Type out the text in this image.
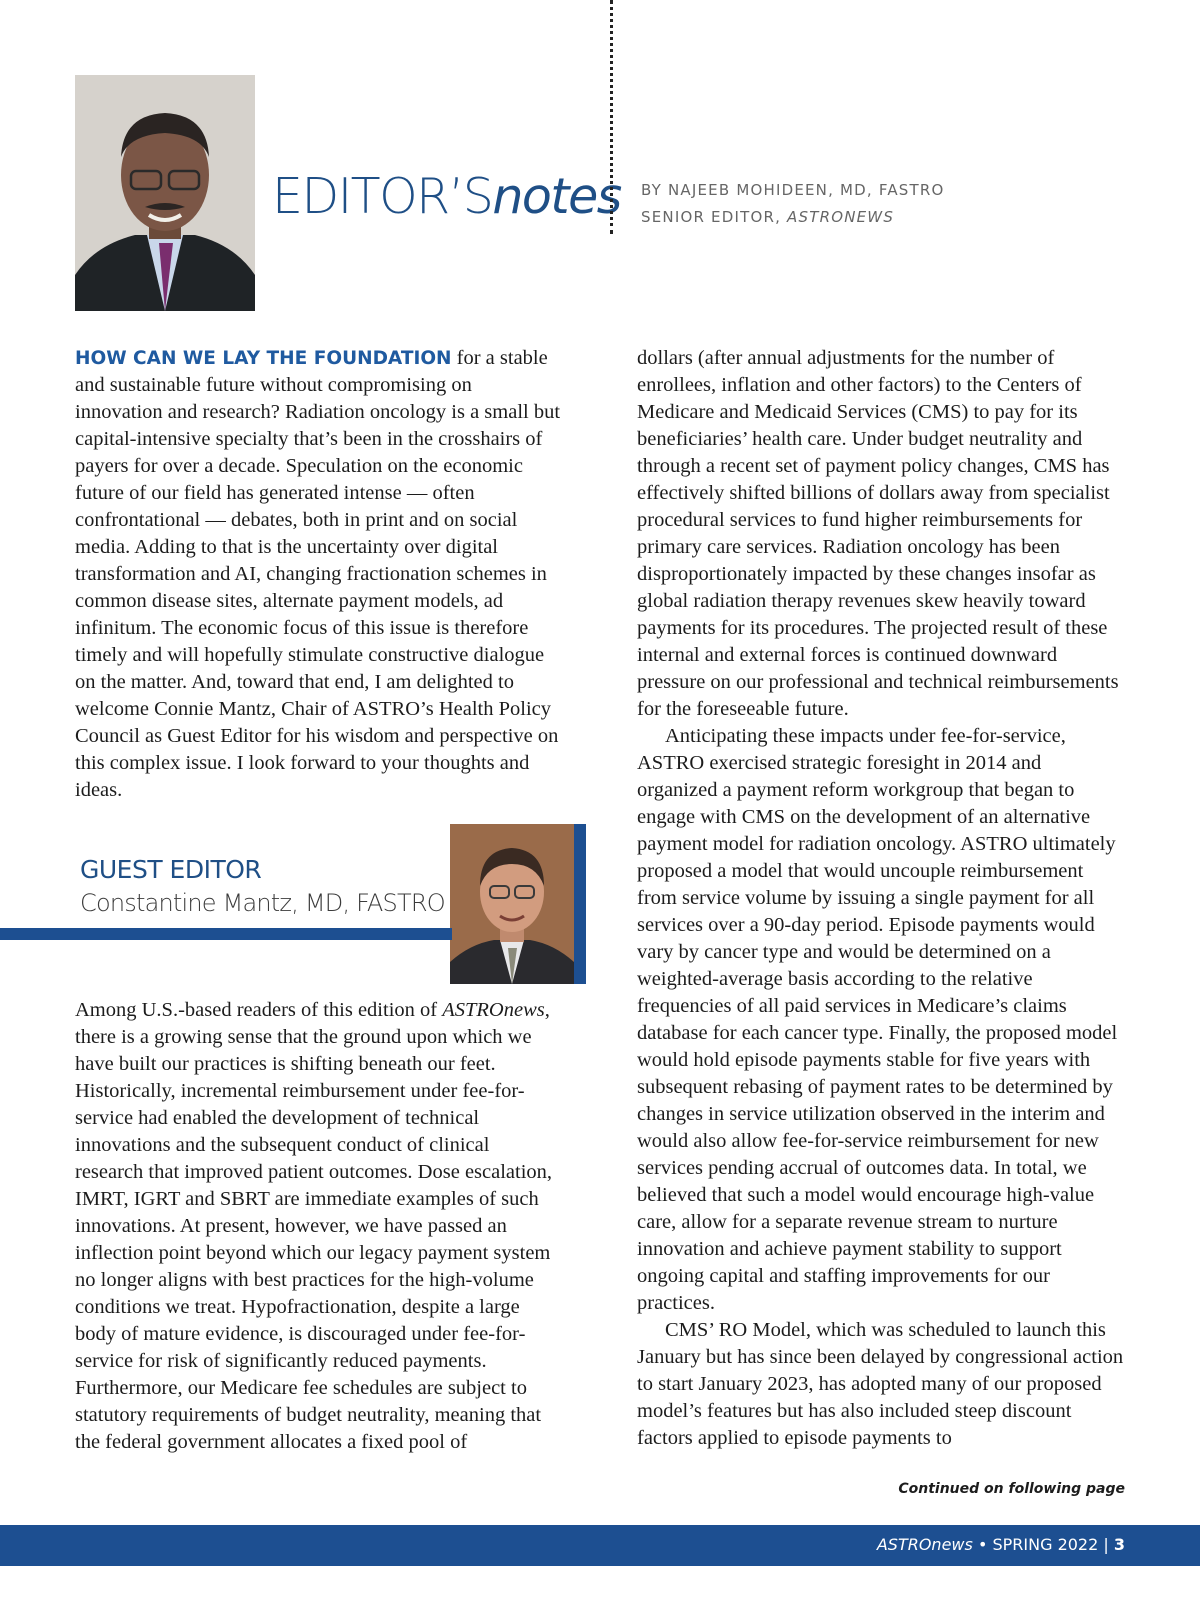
EDITOR’Snotes BY NAJEEB MOHIDEEN, MD, FASTRO
SENIOR EDITOR, ASTRONEWS

HOW CAN WE LAY THE FOUNDATION for a stable and sustainable future without compromising on innovation and research? Radiation oncology is a small but capital-intensive specialty that’s been in the crosshairs of payers for over a decade. Speculation on the economic future of our field has generated intense — often confrontational — debates, both in print and on social media. Adding to that is the uncertainty over digital transformation and AI, changing fractionation schemes in common disease sites, alternate payment models, ad infinitum. The economic focus of this issue is therefore timely and will hopefully stimulate constructive dialogue on the matter. And, toward that end, I am delighted to welcome Connie Mantz, Chair of ASTRO’s Health Policy Council as Guest Editor for his wisdom and perspective on this complex issue. I look forward to your thoughts and ideas.

GUEST EDITOR
Constantine Mantz, MD, FASTRO

Among U.S.-based readers of this edition of ASTROnews, there is a growing sense that the ground upon which we have built our practices is shifting beneath our feet. Historically, incremental reimbursement under fee-for-service had enabled the development of technical innovations and the subsequent conduct of clinical research that improved patient outcomes. Dose escalation, IMRT, IGRT and SBRT are immediate examples of such innovations. At present, however, we have passed an inflection point beyond which our legacy payment system no longer aligns with best practices for the high-volume conditions we treat. Hypofractionation, despite a large body of mature evidence, is discouraged under fee-for-service for risk of significantly reduced payments. Furthermore, our Medicare fee schedules are subject to statutory requirements of budget neutrality, meaning that the federal government allocates a fixed pool of

dollars (after annual adjustments for the number of enrollees, inflation and other factors) to the Centers of Medicare and Medicaid Services (CMS) to pay for its beneficiaries’ health care. Under budget neutrality and through a recent set of payment policy changes, CMS has effectively shifted billions of dollars away from specialist procedural services to fund higher reimbursements for primary care services. Radiation oncology has been disproportionately impacted by these changes insofar as global radiation therapy revenues skew heavily toward payments for its procedures. The projected result of these internal and external forces is continued downward pressure on our professional and technical reimbursements for the foreseeable future.

Anticipating these impacts under fee-for-service, ASTRO exercised strategic foresight in 2014 and organized a payment reform workgroup that began to engage with CMS on the development of an alternative payment model for radiation oncology. ASTRO ultimately proposed a model that would uncouple reimbursement from service volume by issuing a single payment for all services over a 90-day period. Episode payments would vary by cancer type and would be determined on a weighted-average basis according to the relative frequencies of all paid services in Medicare’s claims database for each cancer type. Finally, the proposed model would hold episode payments stable for five years with subsequent rebasing of payment rates to be determined by changes in service utilization observed in the interim and would also allow fee-for-service reimbursement for new services pending accrual of outcomes data. In total, we believed that such a model would encourage high-value care, allow for a separate revenue stream to nurture innovation and achieve payment stability to support ongoing capital and staffing improvements for our practices.

CMS’ RO Model, which was scheduled to launch this January but has since been delayed by congressional action to start January 2023, has adopted many of our proposed model’s features but has also included steep discount factors applied to episode payments to

Continued on following page
ASTROnews • SPRING 2022 | 3
